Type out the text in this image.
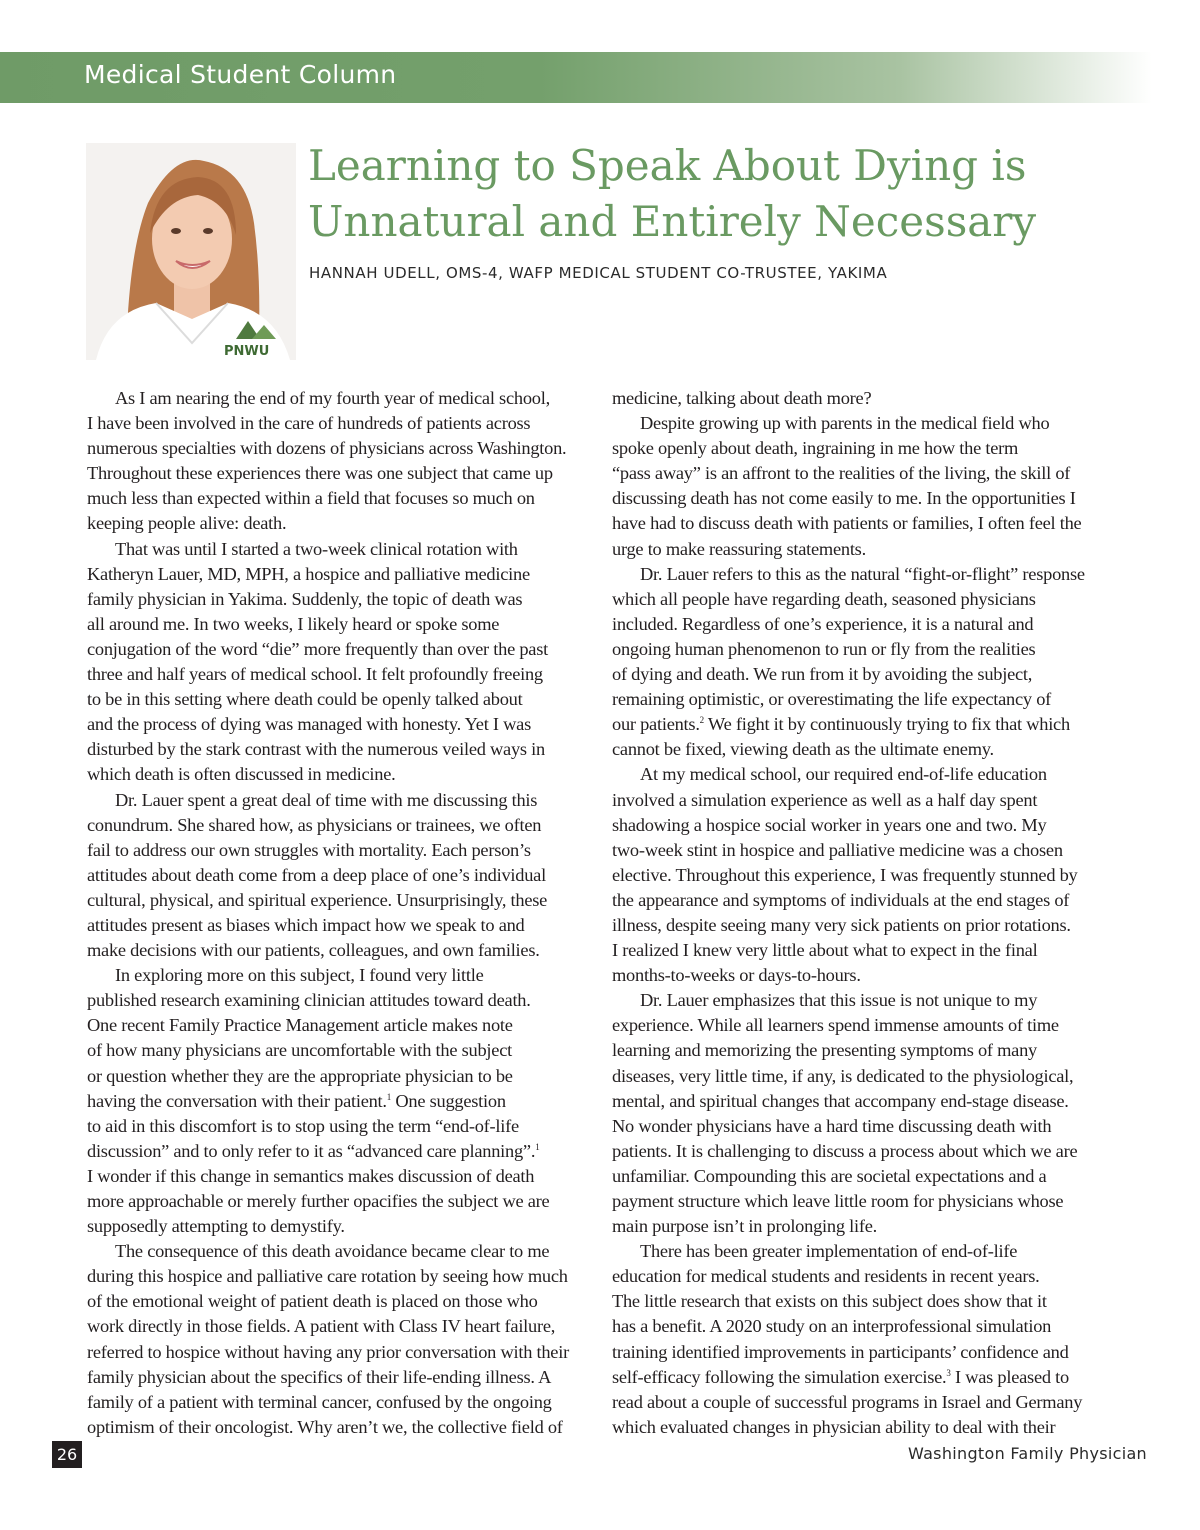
Medical Student Column
PNWU
Learning to Speak About Dying is
Unnatural and Entirely Necessary
HANNAH UDELL, OMS-4, WAFP MEDICAL STUDENT CO-TRUSTEE, YAKIMA
As I am nearing the end of my fourth year of medical school,
I have been involved in the care of hundreds of patients across
numerous specialties with dozens of physicians across Washington.
Throughout these experiences there was one subject that came up
much less than expected within a field that focuses so much on
keeping people alive: death.
That was until I started a two-week clinical rotation with
Katheryn Lauer, MD, MPH, a hospice and palliative medicine
family physician in Yakima. Suddenly, the topic of death was
all around me. In two weeks, I likely heard or spoke some
conjugation of the word “die” more frequently than over the past
three and half years of medical school. It felt profoundly freeing
to be in this setting where death could be openly talked about
and the process of dying was managed with honesty. Yet I was
disturbed by the stark contrast with the numerous veiled ways in
which death is often discussed in medicine.
Dr. Lauer spent a great deal of time with me discussing this
conundrum. She shared how, as physicians or trainees, we often
fail to address our own struggles with mortality. Each person’s
attitudes about death come from a deep place of one’s individual
cultural, physical, and spiritual experience. Unsurprisingly, these
attitudes present as biases which impact how we speak to and
make decisions with our patients, colleagues, and own families.
In exploring more on this subject, I found very little
published research examining clinician attitudes toward death.
One recent Family Practice Management article makes note
of how many physicians are uncomfortable with the subject
or question whether they are the appropriate physician to be
having the conversation with their patient.$^1$ One suggestion
to aid in this discomfort is to stop using the term “end-of-life
discussion” and to only refer to it as “advanced care planning”.$^1$
I wonder if this change in semantics makes discussion of death
more approachable or merely further opacifies the subject we are
supposedly attempting to demystify.
The consequence of this death avoidance became clear to me
during this hospice and palliative care rotation by seeing how much
of the emotional weight of patient death is placed on those who
work directly in those fields. A patient with Class IV heart failure,
referred to hospice without having any prior conversation with their
family physician about the specifics of their life-ending illness. A
family of a patient with terminal cancer, confused by the ongoing
optimism of their oncologist. Why aren’t we, the collective field of
medicine, talking about death more?
Despite growing up with parents in the medical field who
spoke openly about death, ingraining in me how the term
“pass away” is an affront to the realities of the living, the skill of
discussing death has not come easily to me. In the opportunities I
have had to discuss death with patients or families, I often feel the
urge to make reassuring statements.
Dr. Lauer refers to this as the natural “fight-or-flight” response
which all people have regarding death, seasoned physicians
included. Regardless of one’s experience, it is a natural and
ongoing human phenomenon to run or fly from the realities
of dying and death. We run from it by avoiding the subject,
remaining optimistic, or overestimating the life expectancy of
our patients.$^2$ We fight it by continuously trying to fix that which
cannot be fixed, viewing death as the ultimate enemy.
At my medical school, our required end-of-life education
involved a simulation experience as well as a half day spent
shadowing a hospice social worker in years one and two. My
two-week stint in hospice and palliative medicine was a chosen
elective. Throughout this experience, I was frequently stunned by
the appearance and symptoms of individuals at the end stages of
illness, despite seeing many very sick patients on prior rotations.
I realized I knew very little about what to expect in the final
months-to-weeks or days-to-hours.
Dr. Lauer emphasizes that this issue is not unique to my
experience. While all learners spend immense amounts of time
learning and memorizing the presenting symptoms of many
diseases, very little time, if any, is dedicated to the physiological,
mental, and spiritual changes that accompany end-stage disease.
No wonder physicians have a hard time discussing death with
patients. It is challenging to discuss a process about which we are
unfamiliar. Compounding this are societal expectations and a
payment structure which leave little room for physicians whose
main purpose isn’t in prolonging life.
There has been greater implementation of end-of-life
education for medical students and residents in recent years.
The little research that exists on this subject does show that it
has a benefit. A 2020 study on an interprofessional simulation
training identified improvements in participants’ confidence and
self-efficacy following the simulation exercise.$^3$ I was pleased to
read about a couple of successful programs in Israel and Germany
which evaluated changes in physician ability to deal with their
26	Washington Family Physician
